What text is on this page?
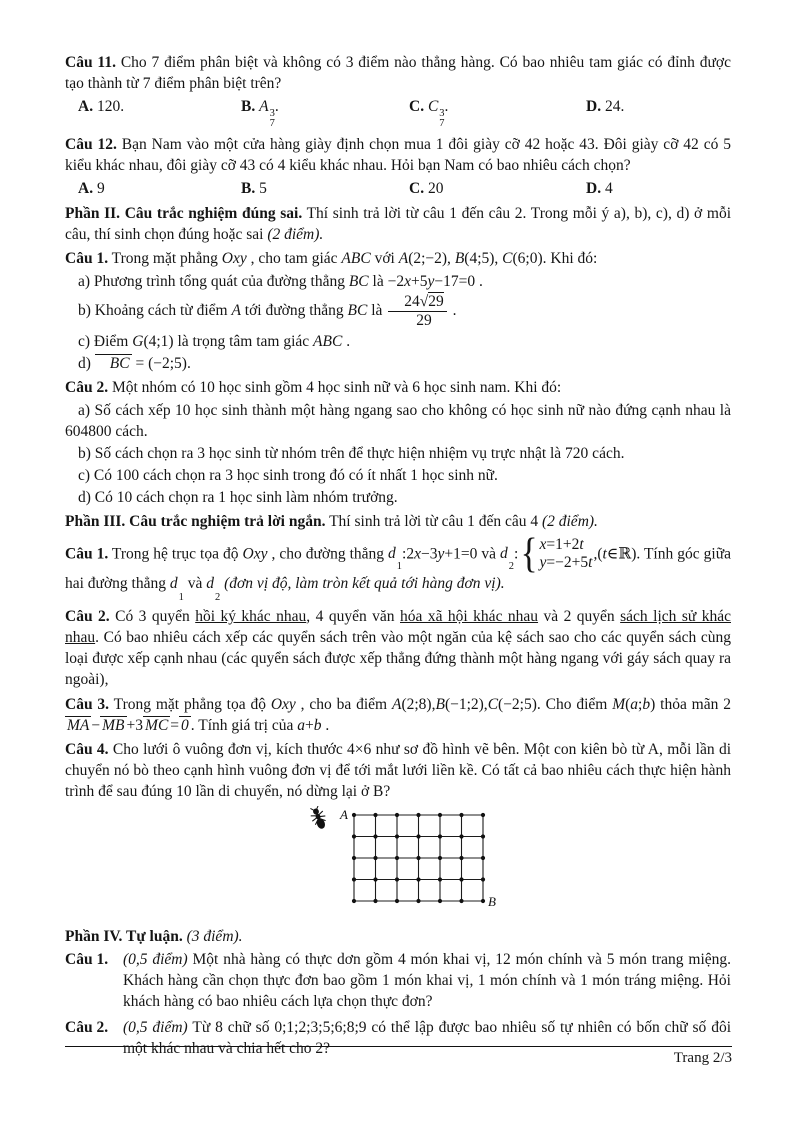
Câu 11. Cho 7 điểm phân biệt và không có 3 điểm nào thẳng hàng. Có bao nhiêu tam giác có đỉnh được tạo thành từ 7 điểm phân biệt trên?
A. 120.	B. A 3
7
.	C. C 3
7
.	D. 24.
Câu 12. Bạn Nam vào một cửa hàng giày định chọn mua 1 đôi giày cỡ 42 hoặc 43. Đôi giày cỡ 42 có 5 kiểu khác nhau, đôi giày cỡ 43 có 4 kiểu khác nhau. Hỏi bạn Nam có bao nhiêu cách chọn?
A. 9	B. 5	C. 20	D. 4
Phần II. Câu trắc nghiệm đúng sai. Thí sinh trả lời từ câu 1 đến câu 2. Trong mỗi ý a), b), c), d) ở mỗi câu, thí sinh chọn đúng hoặc sai (2 điểm).
Câu 1. Trong mặt phẳng Oxy , cho tam giác ABC với A(2;−2), B(4;5), C(6;0). Khi đó:
a) Phương trình tổng quát của đường thẳng BC là −2x+5y−17=0 .
b) Khoảng cách từ điểm A tới đường thẳng BC là $\frac{24√29}{29}$ .
c) Điểm G(4;1) là trọng tâm tam giác ABC .
d) BC = (−2;5).
Câu 2. Một nhóm có 10 học sinh gồm 4 học sinh nữ và 6 học sinh nam. Khi đó:
a) Số cách xếp 10 học sinh thành một hàng ngang sao cho không có học sinh nữ nào đứng cạnh nhau là 604800 cách.
b) Số cách chọn ra 3 học sinh từ nhóm trên để thực hiện nhiệm vụ trực nhật là 720 cách.
c) Có 100 cách chọn ra 3 học sinh trong đó có ít nhất 1 học sinh nữ.
d) Có 10 cách chọn ra 1 học sinh làm nhóm trưởng.
Phần III. Câu trắc nghiệm trả lời ngắn. Thí sinh trả lời từ câu 1 đến câu 4 (2 điểm).
Câu 1. Trong hệ trục tọa độ Oxy , cho đường thẳng d
1
:2x−3y+1=0 và d
2
: { x=1+2t
y=−2+5t
,(t∈ℝ). Tính góc giữa hai đường thẳng d
1
và d
2
(đơn vị độ, làm tròn kết quả tới hàng đơn vị).
Câu 2. Có 3 quyển hồi ký khác nhau, 4 quyển văn hóa xã hội khác nhau và 2 quyển sách lịch sử khác nhau. Có bao nhiêu cách xếp các quyển sách trên vào một ngăn của kệ sách sao cho các quyển sách cùng loại được xếp cạnh nhau (các quyển sách được xếp thẳng đứng thành một hàng ngang với gáy sách quay ra ngoài),
Câu 3. Trong mặt phẳng tọa độ Oxy , cho ba điểm A(2;8),B(−1;2),C(−2;5). Cho điểm M(a;b) thỏa mãn 2MA − MB +3 MC = 0 . Tính giá trị của a+b .
Câu 4. Cho lưới ô vuông đơn vị, kích thước 4×6 như sơ đồ hình vẽ bên. Một con kiên bò từ A, mỗi lần di chuyển nó bò theo cạnh hình vuông đơn vị để tới mắt lưới liền kề. Có tất cả bao nhiêu cách thực hiện hành trình để sau đúng 10 lần di chuyển, nó dừng lại ở B?
A
B
Phần IV. Tự luận. (3 điểm).
Câu 1. (0,5 điểm) Một nhà hàng có thực dơn gồm 4 món khai vị, 12 món chính và 5 món trang miệng. Khách hàng cần chọn thực đơn bao gồm 1 món khai vị, 1 món chính và 1 món tráng miệng. Hỏi khách hàng có bao nhiêu cách lựa chọn thực đơn?
Câu 2. (0,5 điểm) Từ 8 chữ số 0;1;2;3;5;6;8;9 có thể lập được bao nhiêu số tự nhiên có bốn chữ số đôi một khác nhau và chia hết cho 2?
Trang 2/3
